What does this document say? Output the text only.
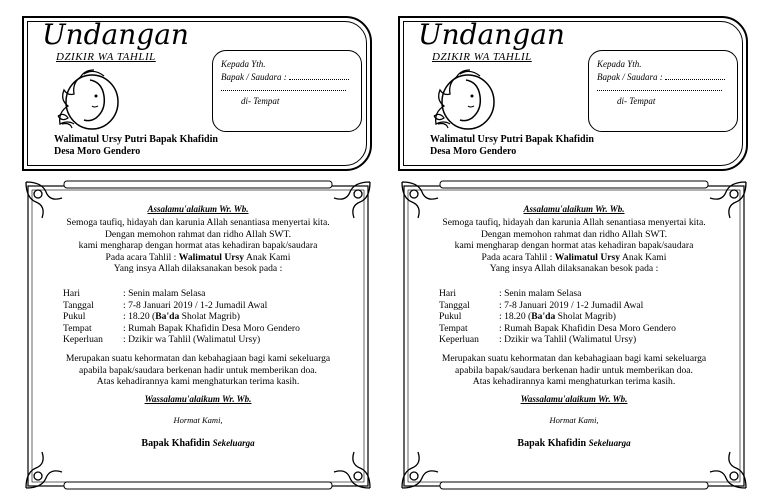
Undangan
DZIKIR WA TAHLIL
Kepada Yth.
Bapak / Saudara :
di- Tempat
Walimatul Ursy Putri Bapak Khafidin
Desa Moro Gendero
Assalamu'alaikum Wr. Wb.
Semoga taufiq, hidayah dan karunia Allah senantiasa menyertai kita.
Dengan memohon rahmat dan ridho Allah SWT.
kami mengharap dengan hormat atas kehadiran bapak/saudara
Pada acara Tahlil : Walimatul Ursy Anak Kami
Yang insya Allah dilaksanakan besok pada :
Hari	: Senin malam Selasa
Tanggal	: 7-8 Januari 2019 / 1-2 Jumadil Awal
Pukul	: 18.20 (Ba'da Sholat Magrib)
Tempat	: Rumah Bapak Khafidin Desa Moro Gendero
Keperluan	: Dzikir wa Tahlil (Walimatul Ursy)
Merupakan suatu kehormatan dan kebahagiaan bagi kami sekeluarga
apabila bapak/saudara berkenan hadir untuk memberikan doa.
Atas kehadirannya kami menghaturkan terima kasih.
Wassalamu'alaikum Wr. Wb.
Hormat Kami,
Bapak Khafidin Sekeluarga
Undangan
DZIKIR WA TAHLIL
Kepada Yth.
Bapak / Saudara :
di- Tempat
Walimatul Ursy Putri Bapak Khafidin
Desa Moro Gendero
Assalamu'alaikum Wr. Wb.
Semoga taufiq, hidayah dan karunia Allah senantiasa menyertai kita.
Dengan memohon rahmat dan ridho Allah SWT.
kami mengharap dengan hormat atas kehadiran bapak/saudara
Pada acara Tahlil : Walimatul Ursy Anak Kami
Yang insya Allah dilaksanakan besok pada :
Hari	: Senin malam Selasa
Tanggal	: 7-8 Januari 2019 / 1-2 Jumadil Awal
Pukul	: 18.20 (Ba'da Sholat Magrib)
Tempat	: Rumah Bapak Khafidin Desa Moro Gendero
Keperluan	: Dzikir wa Tahlil (Walimatul Ursy)
Merupakan suatu kehormatan dan kebahagiaan bagi kami sekeluarga
apabila bapak/saudara berkenan hadir untuk memberikan doa.
Atas kehadirannya kami menghaturkan terima kasih.
Wassalamu'alaikum Wr. Wb.
Hormat Kami,
Bapak Khafidin Sekeluarga
